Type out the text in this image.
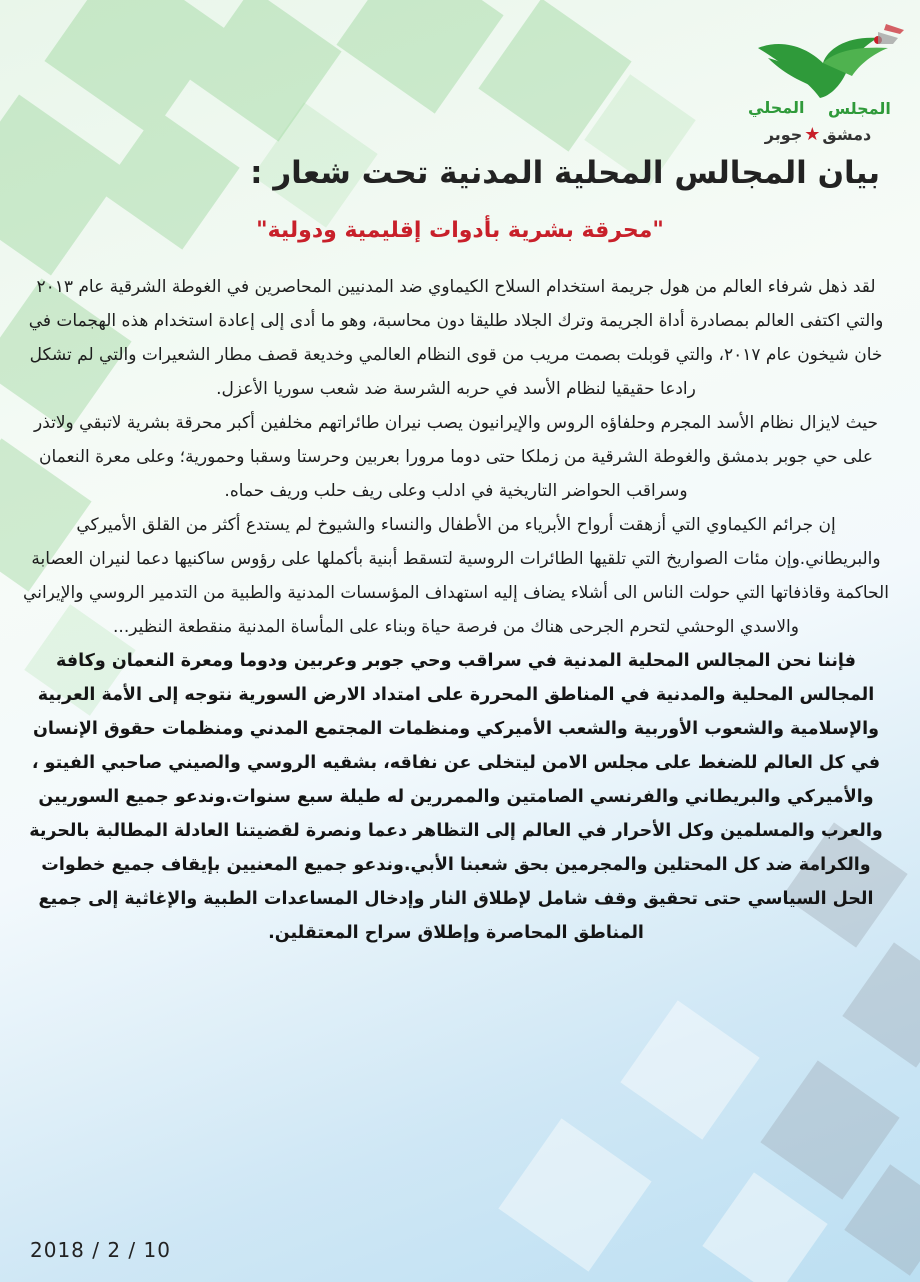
المجلس
المحلي
دمشق★جوبر
بيان المجالس المحلية المدنية تحت شعار :
"محرقة بشرية بأدوات إقليمية ودولية"

لقد ذهل شرفاء العالم من هول جريمة استخدام السلاح الكيماوي ضد المدنيين المحاصرين في الغوطة الشرقية عام ٢٠١٣ والتي اكتفى العالم بمصادرة أداة الجريمة وترك الجلاد طليقا دون محاسبة، وهو ما أدى إلى إعادة استخدام هذه الهجمات في خان شيخون عام ٢٠١٧، والتي قوبلت بصمت مريب من قوى النظام العالمي وخديعة قصف مطار الشعيرات والتي لم تشكل رادعا حقيقيا لنظام الأسد في حربه الشرسة ضد شعب سوريا الأعزل.

حيث لايزال نظام الأسد المجرم وحلفاؤه الروس والإيرانيون يصب نيران طائراتهم مخلفين أكبر محرقة بشرية لاتبقي ولاتذر على حي جوبر بدمشق والغوطة الشرقية من زملكا حتى دوما مرورا بعربين وحرستا وسقبا وحمورية؛ وعلى معرة النعمان وسراقب الحواضر التاريخية في ادلب وعلى ريف حلب وريف حماه.

إن جرائم الكيماوي التي أزهقت أرواح الأبرياء من الأطفال والنساء والشيوخ لم يستدع أكثر من القلق الأميركي والبريطاني.وإن مئات الصواريخ التي تلقيها الطائرات الروسية لتسقط أبنية بأكملها على رؤوس ساكنيها دعما لنيران العصابة الحاكمة وقاذفاتها التي حولت الناس الى أشلاء يضاف إليه استهداف المؤسسات المدنية والطبية من التدمير الروسي والإيراني والاسدي الوحشي لتحرم الجرحى هناك من فرصة حياة وبناء على المأساة المدنية منقطعة النظير...

فإننا نحن المجالس المحلية المدنية في سراقب وحي جوبر وعربين ودوما ومعرة النعمان وكافة المجالس المحلية والمدنية في المناطق المحررة على امتداد الارض السورية نتوجه إلى الأمة العربية والإسلامية والشعوب الأوربية والشعب الأميركي ومنظمات المجتمع المدني ومنظمات حقوق الإنسان في كل العالم للضغط على مجلس الامن ليتخلى عن نفاقه، بشقيه الروسي والصيني صاحبي الفيتو ، والأميركي والبريطاني والفرنسي الصامتين والممررين له طيلة سبع سنوات.وندعو جميع السوريين والعرب والمسلمين وكل الأحرار في العالم إلى التظاهر دعما ونصرة لقضيتنا العادلة المطالبة بالحرية والكرامة ضد كل المحتلين والمجرمين بحق شعبنا الأبي.وندعو جميع المعنيين بإيقاف جميع خطوات الحل السياسي حتى تحقيق وقف شامل لإطلاق النار وإدخال المساعدات الطبية والإغاثية إلى جميع المناطق المحاصرة وإطلاق سراح المعتقلين.

2018 / 2 / 10
